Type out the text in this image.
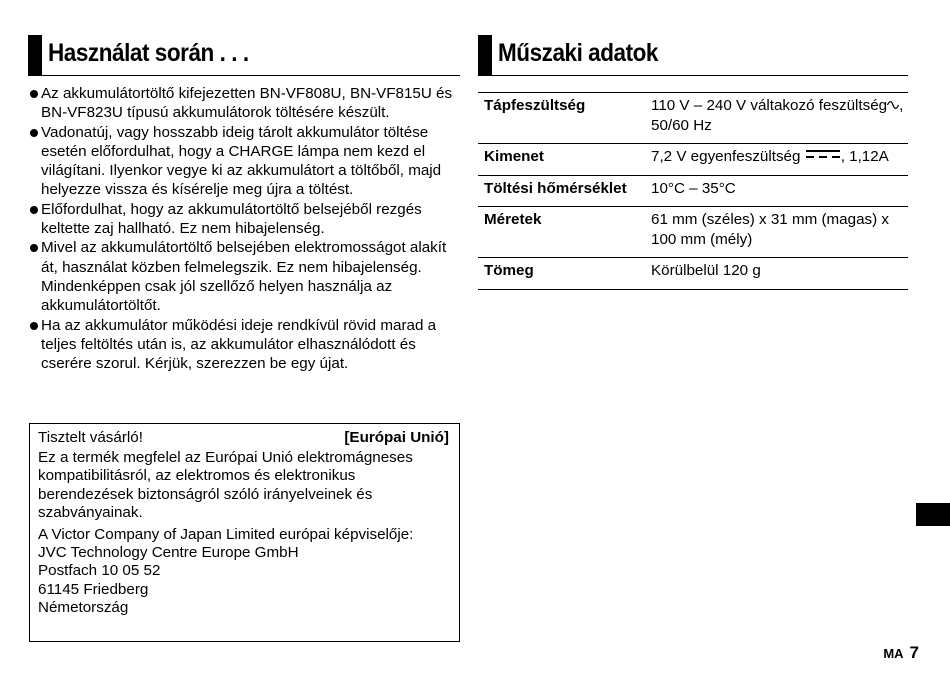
Használat során . . .
Az akkumulátortöltő kifejezetten BN-VF808U, BN-VF815U és BN-VF823U típusú akkumulátorok töltésére készült.
Vadonatúj, vagy hosszabb ideig tárolt akkumulátor töltése esetén előfordulhat, hogy a CHARGE lámpa nem kezd el világítani. Ilyenkor vegye ki az akkumulátort a töltőből, majd helyezze vissza és kísérelje meg újra a töltést.
Előfordulhat, hogy az akkumulátortöltő belsejéből rezgés keltette zaj hallható. Ez nem hibajelenség.
Mivel az akkumulátortöltő belsejében elektromosságot alakít át, használat közben felmelegszik. Ez nem hibajelenség. Mindenképpen csak jól szellőző helyen használja az akkumulátortöltőt.
Ha az akkumulátor működési ideje rendkívül rövid marad a teljes feltöltés után is, az akkumulátor elhasználódott és cserére szorul. Kérjük, szerezzen be egy újat.
Tisztelt vásárló!	[Európai Unió]

Ez a termék megfelel az Európai Unió elektromágneses kompatibilitásról, az elektromos és elektronikus berendezések biztonságról szóló irányelveinek és szabványainak.

A Victor Company of Japan Limited európai képviselője:

JVC Technology Centre Europe GmbH

Postfach 10 05 52

61145 Friedberg

Németország

Műszaki adatok
Tápfeszültség	110 V – 240 V váltakozó feszültség , 50/60 Hz
Kimenet	7,2 V egyenfeszültség , 1,12A
Töltési hőmérséklet	10°C – 35°C
Méretek	61 mm (széles) x 31 mm (magas) x 100 mm (mély)
Tömeg	Körülbelül 120 g
MA 7
